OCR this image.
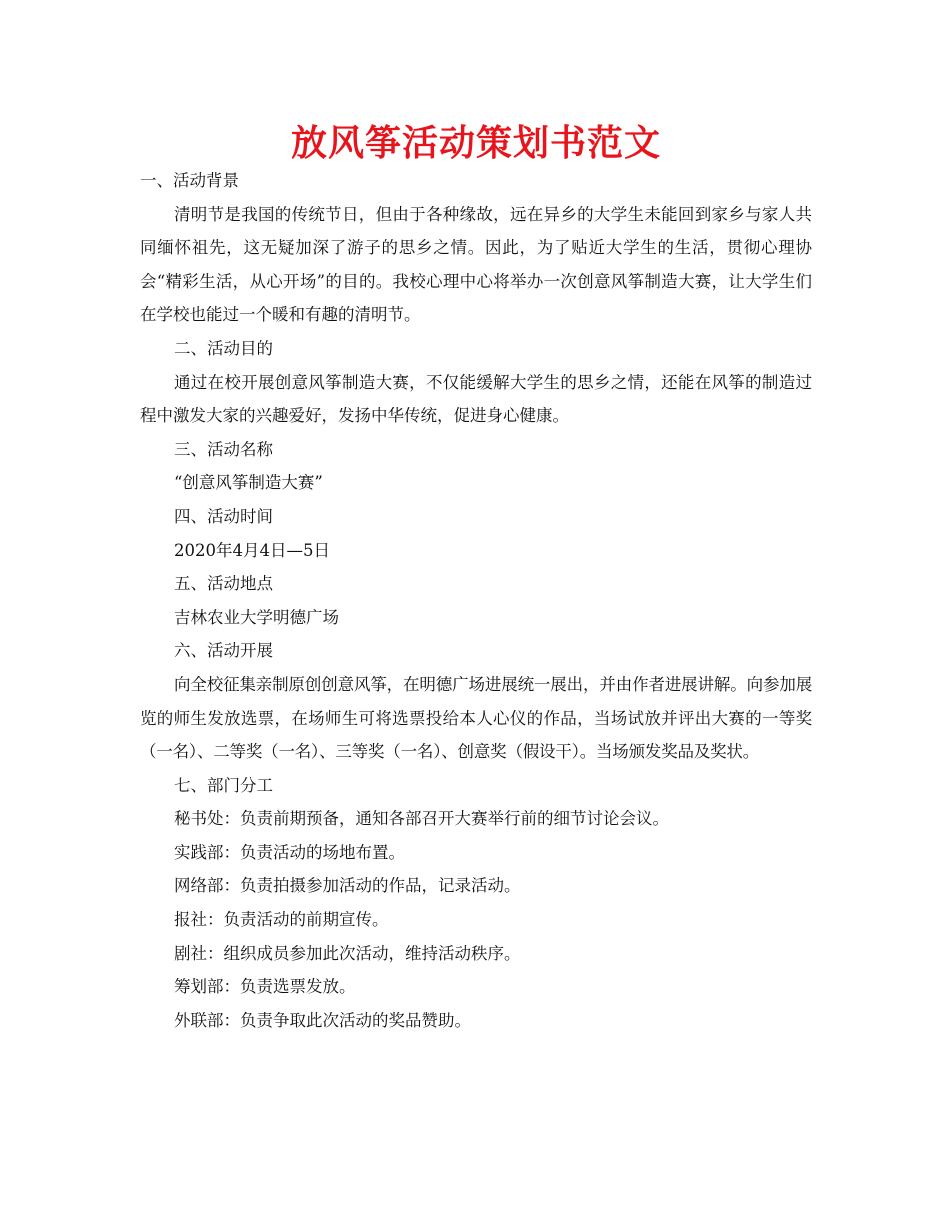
放风筝活动策划书范文

一、活动背景

清明节是我国的传统节日，但由于各种缘故，远在异乡的大学生未能回到家乡与家人共同缅怀祖先，这无疑加深了游子的思乡之情。因此，为了贴近大学生的生活，贯彻心理协会“精彩生活，从心开场”的目的。我校心理中心将举办一次创意风筝制造大赛，让大学生们在学校也能过一个暖和有趣的清明节。

二、活动目的

通过在校开展创意风筝制造大赛，不仅能缓解大学生的思乡之情，还能在风筝的制造过程中激发大家的兴趣爱好，发扬中华传统，促进身心健康。

三、活动名称

“创意风筝制造大赛”

四、活动时间

2020年4月4日—5日

五、活动地点

吉林农业大学明德广场

六、活动开展

向全校征集亲制原创创意风筝，在明德广场进展统一展出，并由作者进展讲解。向参加展览的师生发放选票，在场师生可将选票投给本人心仪的作品，当场试放并评出大赛的一等奖（一名）、二等奖（一名）、三等奖（一名）、创意奖（假设干）。当场颁发奖品及奖状。

七、部门分工

秘书处：负责前期预备，通知各部召开大赛举行前的细节讨论会议。

实践部：负责活动的场地布置。

网络部：负责拍摄参加活动的作品，记录活动。

报社：负责活动的前期宣传。

剧社：组织成员参加此次活动，维持活动秩序。

筹划部：负责选票发放。

外联部：负责争取此次活动的奖品赞助。
